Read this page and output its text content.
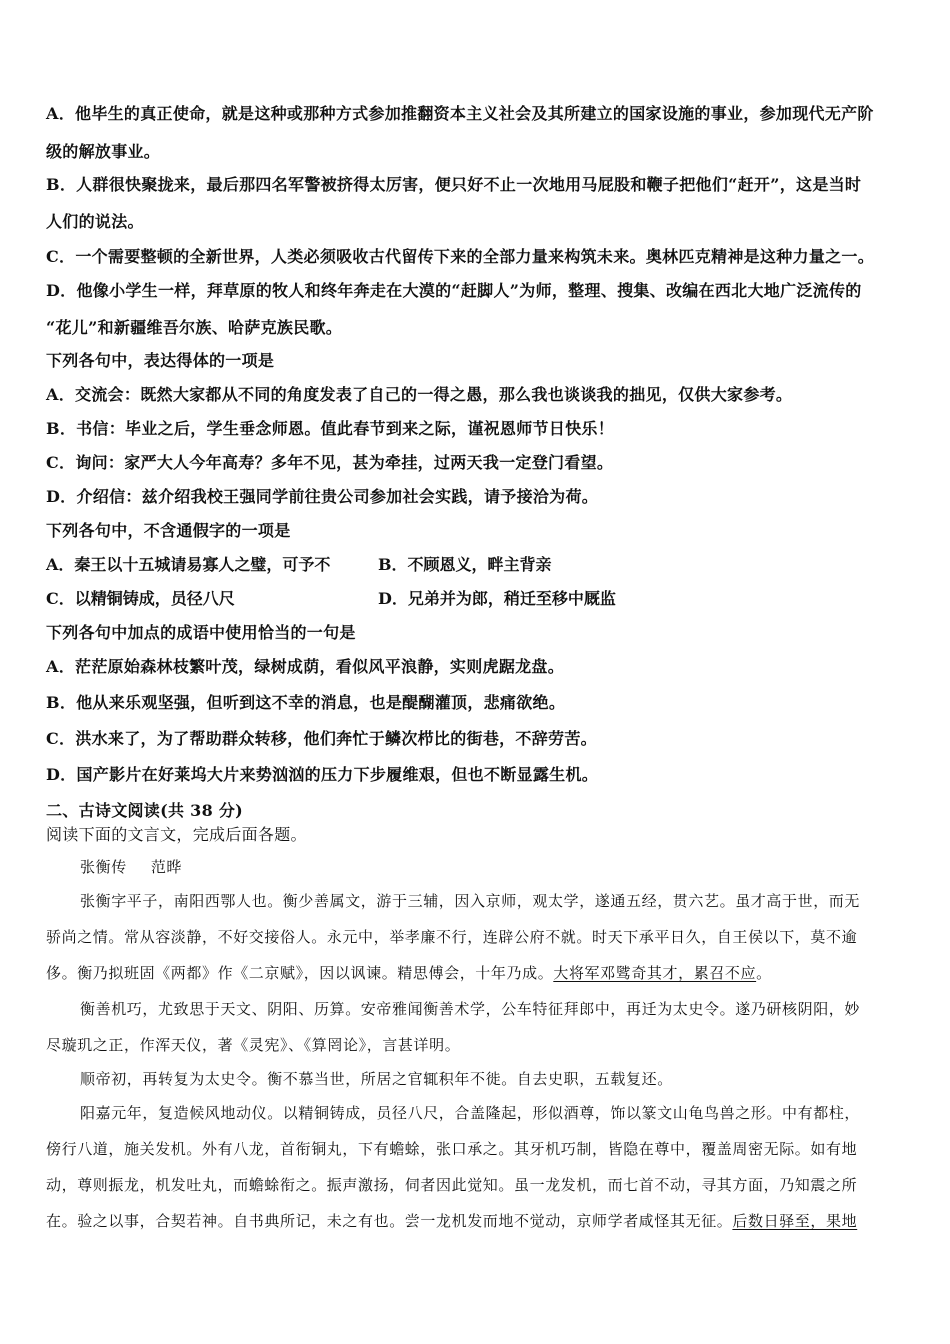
A．他毕生的真正使命，就是这种或那种方式参加推翻资本主义社会及其所建立的国家设施的事业，参加现代无产阶
级的解放事业。
B．人群很快聚拢来，最后那四名军警被挤得太厉害，便只好不止一次地用马屁股和鞭子把他们“赶开”，这是当时
人们的说法。
C．一个需要整顿的全新世界，人类必须吸收古代留传下来的全部力量来构筑未来。奥林匹克精神是这种力量之一。
D．他像小学生一样，拜草原的牧人和终年奔走在大漠的“赶脚人”为师，整理、搜集、改编在西北大地广泛流传的
“花儿”和新疆维吾尔族、哈萨克族民歌。
下列各句中，表达得体的一项是
A．交流会：既然大家都从不同的角度发表了自己的一得之愚，那么我也谈谈我的拙见，仅供大家参考。
B．书信：毕业之后，学生垂念师恩。值此春节到来之际，谨祝恩师节日快乐！
C．询问：家严大人今年高寿？多年不见，甚为牵挂，过两天我一定登门看望。
D．介绍信：兹介绍我校王强同学前往贵公司参加社会实践，请予接洽为荷。
下列各句中，不含通假字的一项是
A．秦王以十五城请易寡人之璧，可予不	B．不顾恩义，畔主背亲
C．以精铜铸成，员径八尺	D．兄弟并为郎，稍迁至移中厩监
下列各句中加点的成语中使用恰当的一句是
A．茫茫原始森林枝繁叶茂，绿树成荫，看似风平浪静，实则虎踞龙盘。
B．他从来乐观坚强，但听到这不幸的消息，也是醍醐灌顶，悲痛欲绝。
C．洪水来了，为了帮助群众转移，他们奔忙于鳞次栉比的街巷，不辞劳苦。
D．国产影片在好莱坞大片来势汹汹的压力下步履维艰，但也不断显露生机。
二、古诗文阅读(共 38 分)
阅读下面的文言文，完成后面各题。
张衡传 范晔
张衡字平子，南阳西鄂人也。衡少善属文，游于三辅，因入京师，观太学，遂通五经，贯六艺。虽才高于世，而无
骄尚之情。常从容淡静，不好交接俗人。永元中，举孝廉不行，连辟公府不就。时天下承平日久，自王侯以下，莫不逾
侈。衡乃拟班固《两都》作《二京赋》，因以讽谏。精思傅会，十年乃成。大将军邓骘奇其才，累召不应。
衡善机巧，尤致思于天文、阴阳、历算。安帝雅闻衡善术学，公车特征拜郎中，再迁为太史令。遂乃研核阴阳，妙
尽璇玑之正，作浑天仪，著《灵宪》、《算罔论》，言甚详明。
顺帝初，再转复为太史令。衡不慕当世，所居之官辄积年不徙。自去史职，五载复还。
阳嘉元年，复造候风地动仪。以精铜铸成，员径八尺，合盖隆起，形似酒尊，饰以篆文山龟鸟兽之形。中有都柱，
傍行八道，施关发机。外有八龙，首衔铜丸，下有蟾蜍，张口承之。其牙机巧制，皆隐在尊中，覆盖周密无际。如有地
动，尊则振龙，机发吐丸，而蟾蜍衔之。振声激扬，伺者因此觉知。虽一龙发机，而七首不动，寻其方面，乃知震之所
在。验之以事，合契若神。自书典所记，未之有也。尝一龙机发而地不觉动，京师学者咸怪其无征。后数日驿至，果地
